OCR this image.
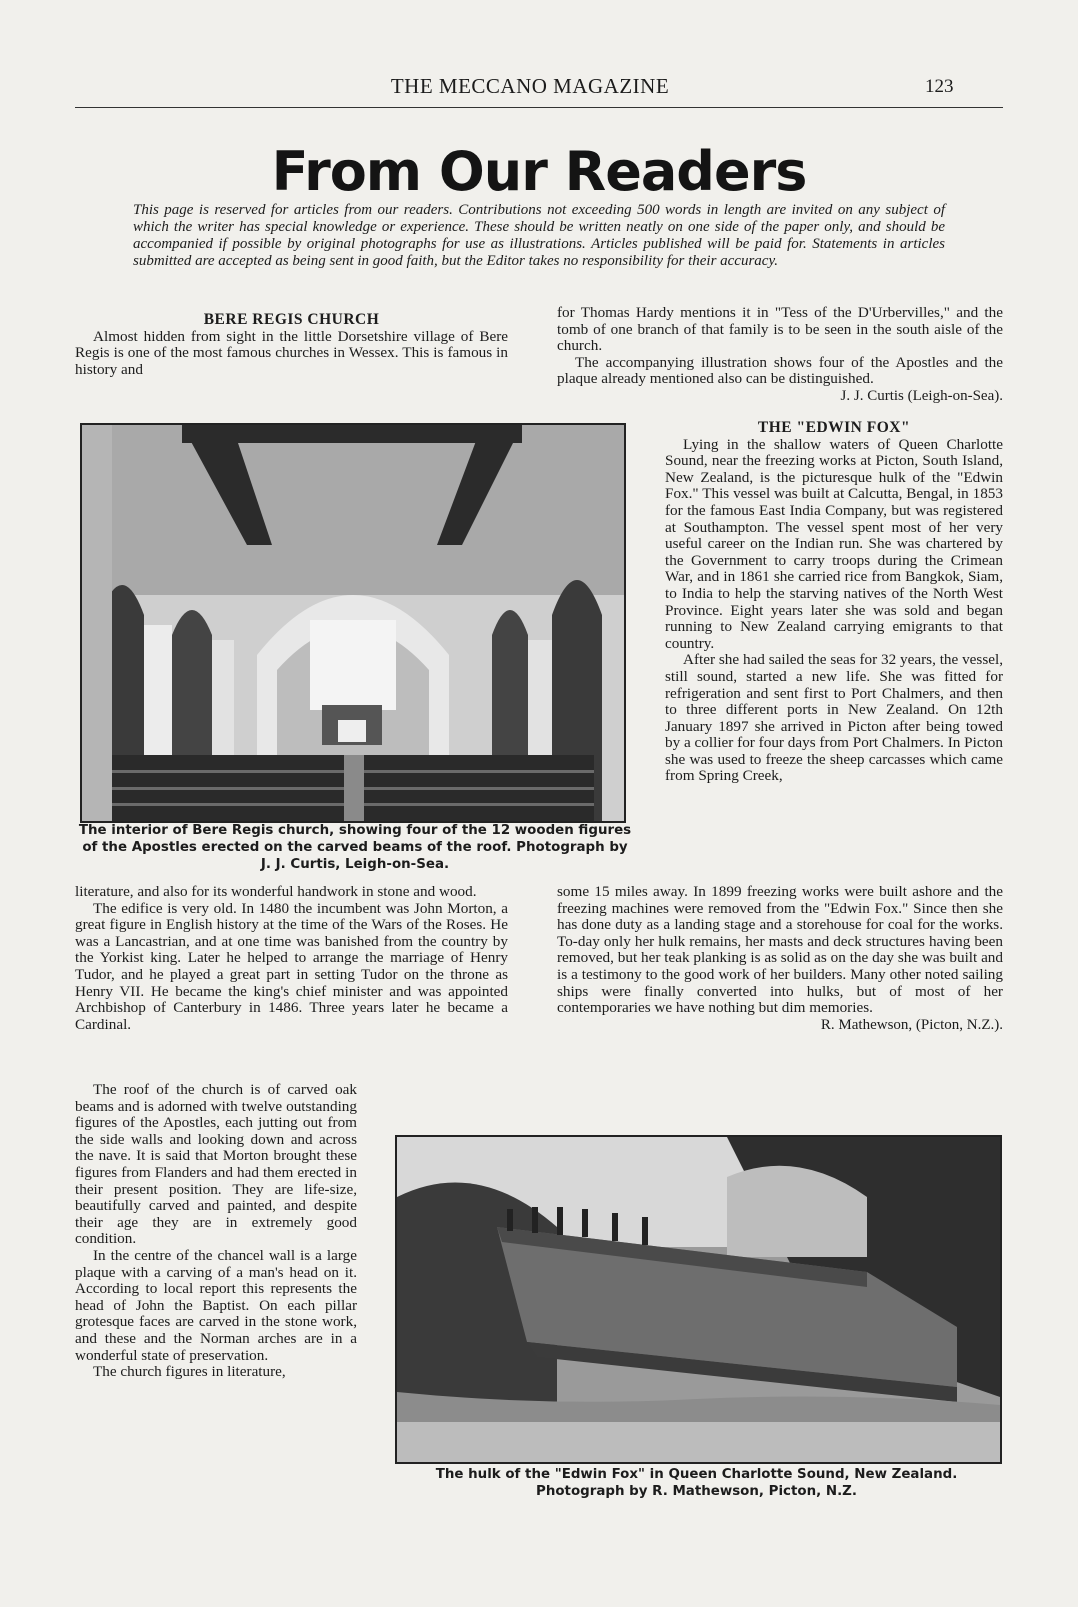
THE MECCANO MAGAZINE	123
From Our Readers
This page is reserved for articles from our readers. Contributions not exceeding 500 words in length are invited on any subject of which the writer has special knowledge or experience. These should be written neatly on one side of the paper only, and should be accompanied if possible by original photographs for use as illustrations. Articles published will be paid for. Statements in articles submitted are accepted as being sent in good faith, but the Editor takes no responsibility for their accuracy.
BERE REGIS CHURCH

Almost hidden from sight in the little Dorsetshire village of Bere Regis is one of the most famous churches in Wessex. This is famous in history and

for Thomas Hardy mentions it in "Tess of the D'Urbervilles," and the tomb of one branch of that family is to be seen in the south aisle of the church.

The accompanying illustration shows four of the Apostles and the plaque already mentioned also can be distinguished.

J. J. Curtis (Leigh-on-Sea).
The interior of Bere Regis church, showing four of the 12 wooden figures of the Apostles erected on the carved beams of the roof. Photograph by J. J. Curtis, Leigh-on-Sea.

literature, and also for its wonderful handwork in stone and wood.

The edifice is very old. In 1480 the incumbent was John Morton, a great figure in English history at the time of the Wars of the Roses. He was a Lancastrian, and at one time was banished from the country by the Yorkist king. Later he helped to arrange the marriage of Henry Tudor, and he played a great part in setting Tudor on the throne as Henry VII. He became the king's chief minister and was appointed Archbishop of Canterbury in 1486. Three years later he became a Cardinal.

The roof of the church is of carved oak beams and is adorned with twelve outstanding figures of the Apostles, each jutting out from the side walls and looking down and across the nave. It is said that Morton brought these figures from Flanders and had them erected in their present position. They are life-size, beautifully carved and painted, and despite their age they are in extremely good condition.

In the centre of the chancel wall is a large plaque with a carving of a man's head on it. According to local report this represents the head of John the Baptist. On each pillar grotesque faces are carved in the stone work, and these and the Norman arches are in a wonderful state of preservation.

The church figures in literature,

THE "EDWIN FOX"

Lying in the shallow waters of Queen Charlotte Sound, near the freezing works at Picton, South Island, New Zealand, is the picturesque hulk of the "Edwin Fox." This vessel was built at Calcutta, Bengal, in 1853 for the famous East India Company, but was registered at Southampton. The vessel spent most of her very useful career on the Indian run. She was chartered by the Government to carry troops during the Crimean War, and in 1861 she carried rice from Bangkok, Siam, to India to help the starving natives of the North West Province. Eight years later she was sold and began running to New Zealand carrying emigrants to that country.

After she had sailed the seas for 32 years, the vessel, still sound, started a new life. She was fitted for refrigeration and sent first to Port Chalmers, and then to three different ports in New Zealand. On 12th January 1897 she arrived in Picton after being towed by a collier for four days from Port Chalmers. In Picton she was used to freeze the sheep carcasses which came from Spring Creek,

some 15 miles away. In 1899 freezing works were built ashore and the freezing machines were removed from the "Edwin Fox." Since then she has done duty as a landing stage and a storehouse for coal for the works. To-day only her hulk remains, her masts and deck structures having been removed, but her teak planking is as solid as on the day she was built and is a testimony to the good work of her builders. Many other noted sailing ships were finally converted into hulks, but of most of her contemporaries we have nothing but dim memories.

R. Mathewson, (Picton, N.Z.).
The hulk of the "Edwin Fox" in Queen Charlotte Sound, New Zealand. Photograph by R. Mathewson, Picton, N.Z.
